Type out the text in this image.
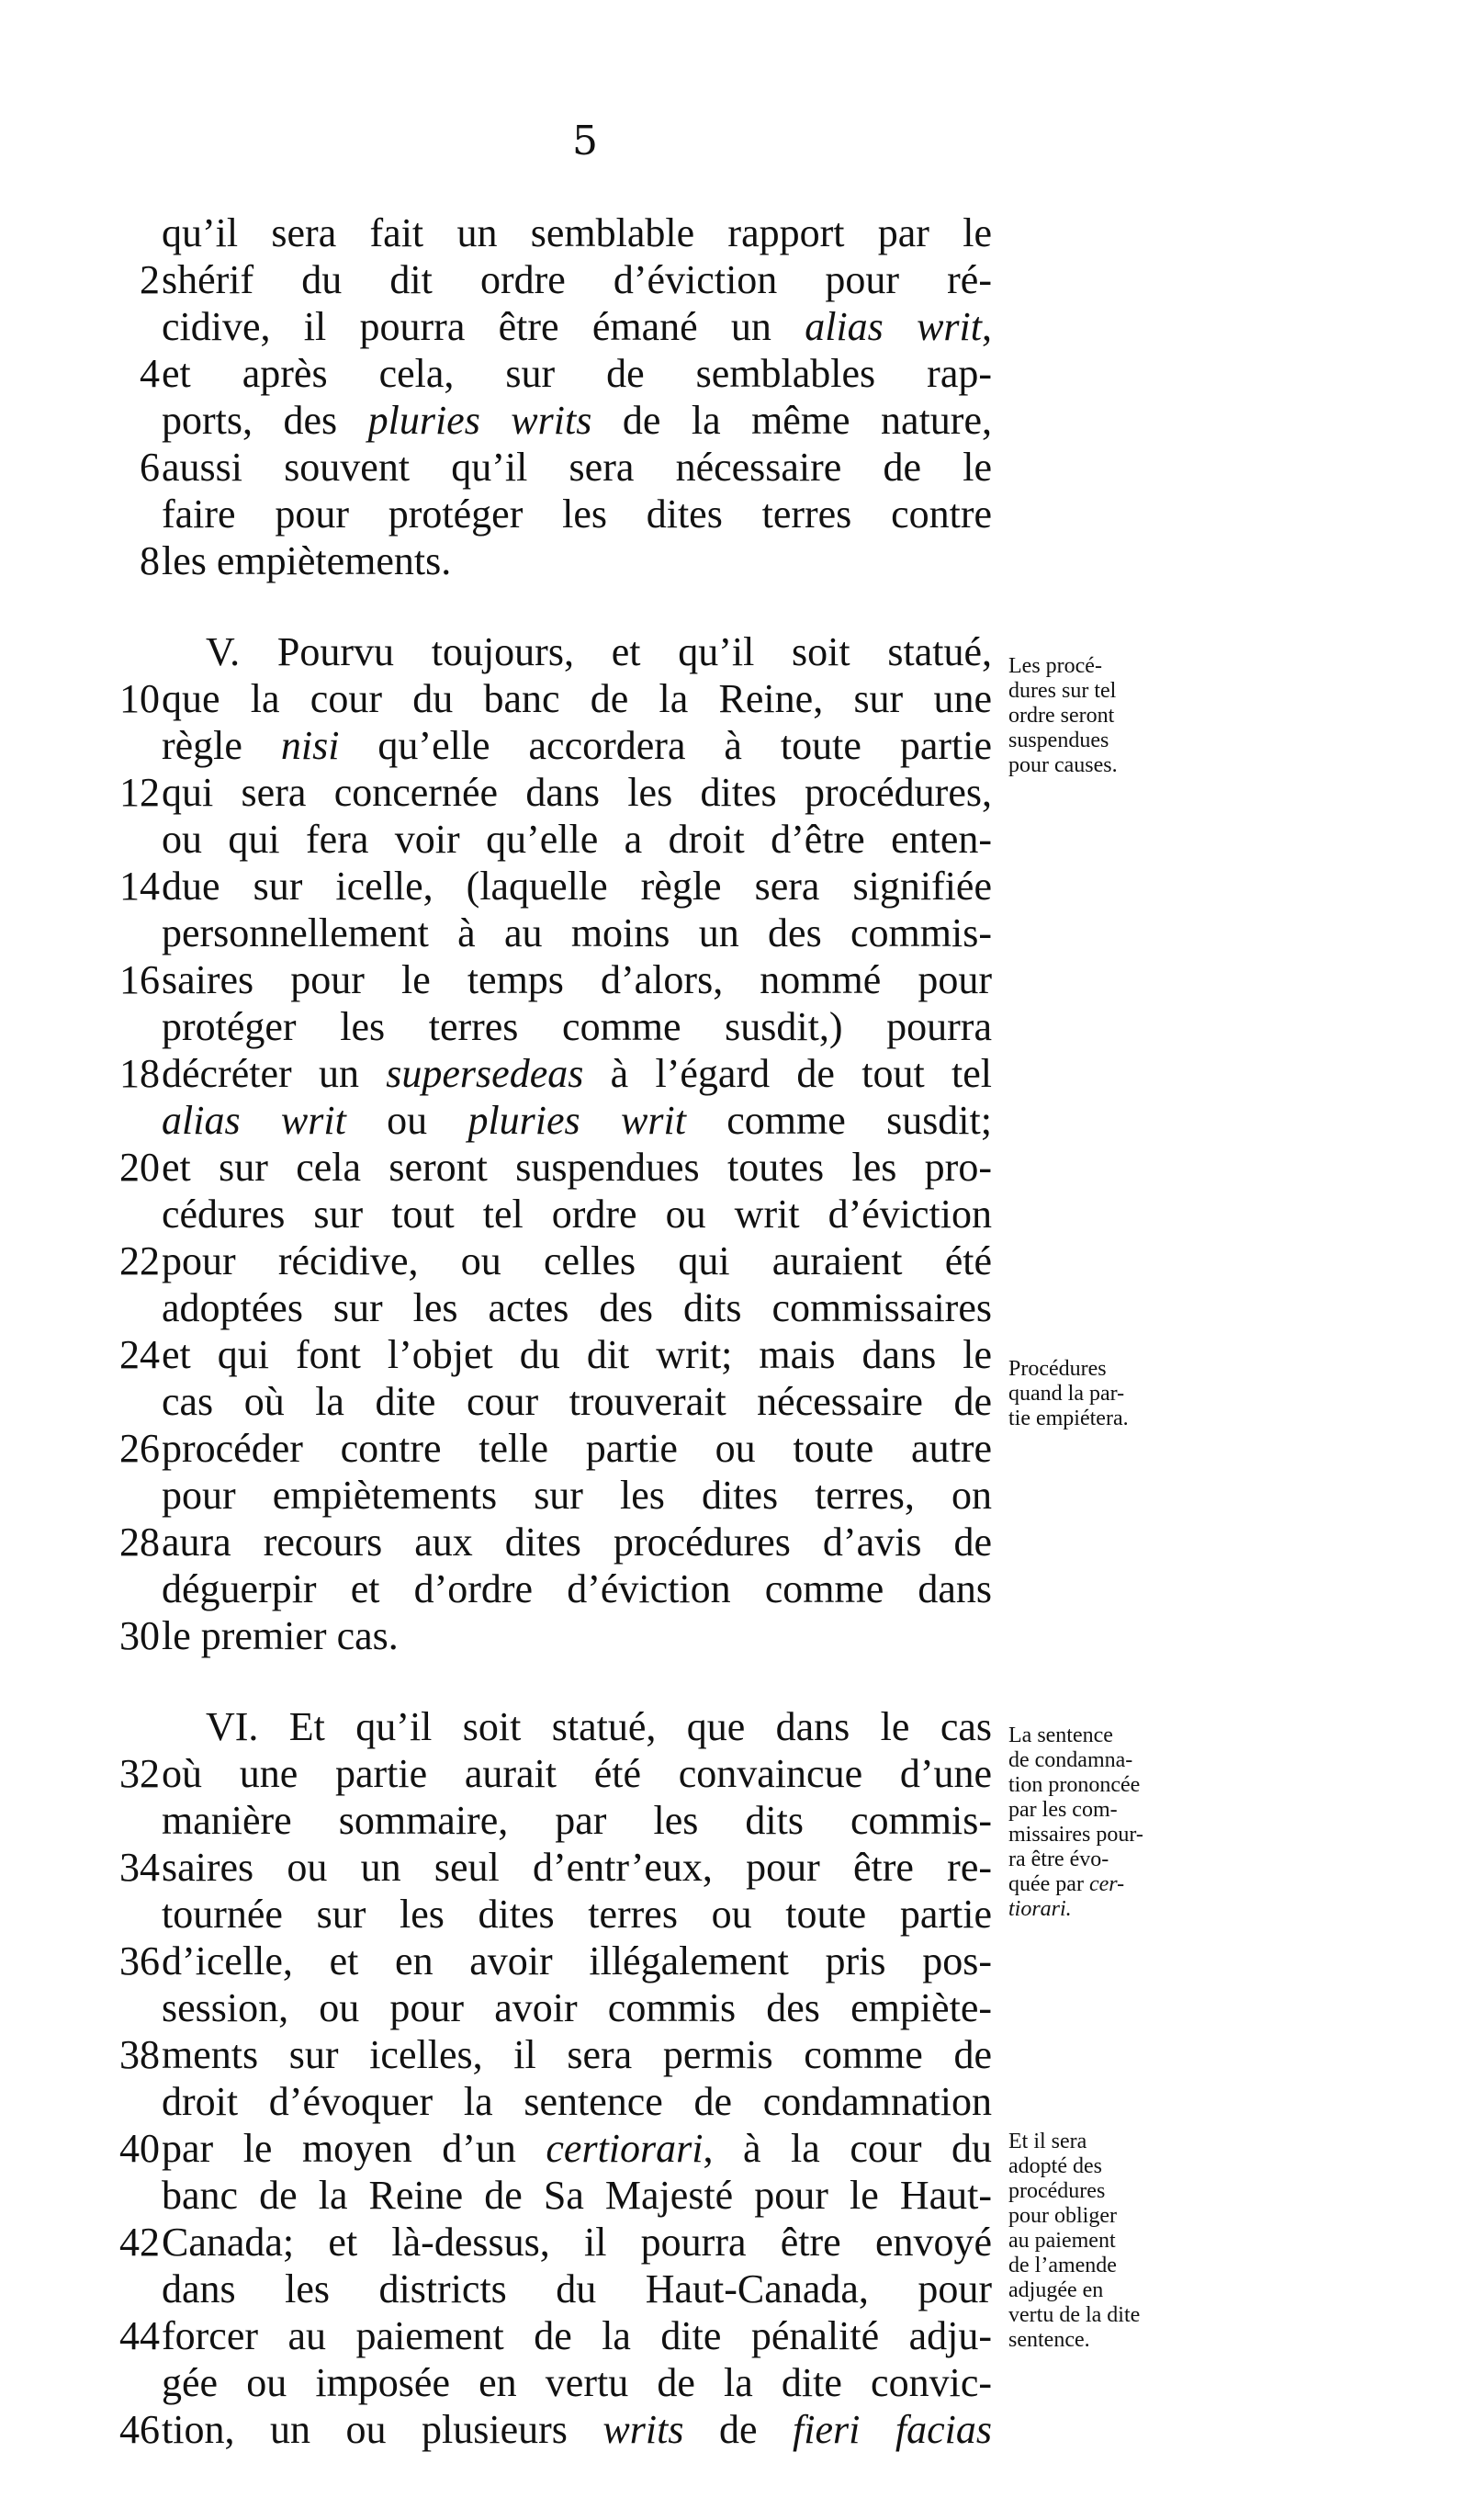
5
qu’il sera fait un semblable rapport par le
2 shérif du dit ordre d’éviction pour ré-
cidive, il pourra être émané un alias writ,
4 et après cela, sur de semblables rap-
ports, des pluries writs de la même nature,
6 aussi souvent qu’il sera nécessaire de le
faire pour protéger les dites terres contre
8 les empiètements.
V. Pourvu toujours, et qu’il soit statué,
10 que la cour du banc de la Reine, sur une
règle nisi qu’elle accordera à toute partie
12 qui sera concernée dans les dites procédures,
ou qui fera voir qu’elle a droit d’être enten-
14 due sur icelle, (laquelle règle sera signifiée
personnellement à au moins un des commis-
16 saires pour le temps d’alors, nommé pour
protéger les terres comme susdit,) pourra
18 décréter un supersedeas à l’égard de tout tel
alias writ ou pluries writ comme susdit;
20 et sur cela seront suspendues toutes les pro-
cédures sur tout tel ordre ou writ d’éviction
22 pour récidive, ou celles qui auraient été
adoptées sur les actes des dits commissaires
24 et qui font l’objet du dit writ; mais dans le
cas où la dite cour trouverait nécessaire de
26 procéder contre telle partie ou toute autre
pour empiètements sur les dites terres, on
28 aura recours aux dites procédures d’avis de
déguerpir et d’ordre d’éviction comme dans
30 le premier cas.
VI. Et qu’il soit statué, que dans le cas
32 où une partie aurait été convaincue d’une
manière sommaire, par les dits commis-
34 saires ou un seul d’entr’eux, pour être re-
tournée sur les dites terres ou toute partie
36 d’icelle, et en avoir illégalement pris pos-
session, ou pour avoir commis des empiète-
38 ments sur icelles, il sera permis comme de
droit d’évoquer la sentence de condamnation
40 par le moyen d’un certiorari, à la cour du
banc de la Reine de Sa Majesté pour le Haut-
42 Canada; et là-dessus, il pourra être envoyé
dans les districts du Haut-Canada, pour
44 forcer au paiement de la dite pénalité adju-
gée ou imposée en vertu de la dite convic-
46 tion, un ou plusieurs writs de fieri facias
Les procé-
dures sur tel
ordre seront
suspendues
pour causes.
Procédures
quand la par-
tie empiétera.
La sentence
de condamna-
tion prononcée
par les com-
missaires pour-
ra être évo-
quée par cer-
tiorari.
Et il sera
adopté des
procédures
pour obliger
au paiement
de l’amende
adjugée en
vertu de la dite
sentence.
